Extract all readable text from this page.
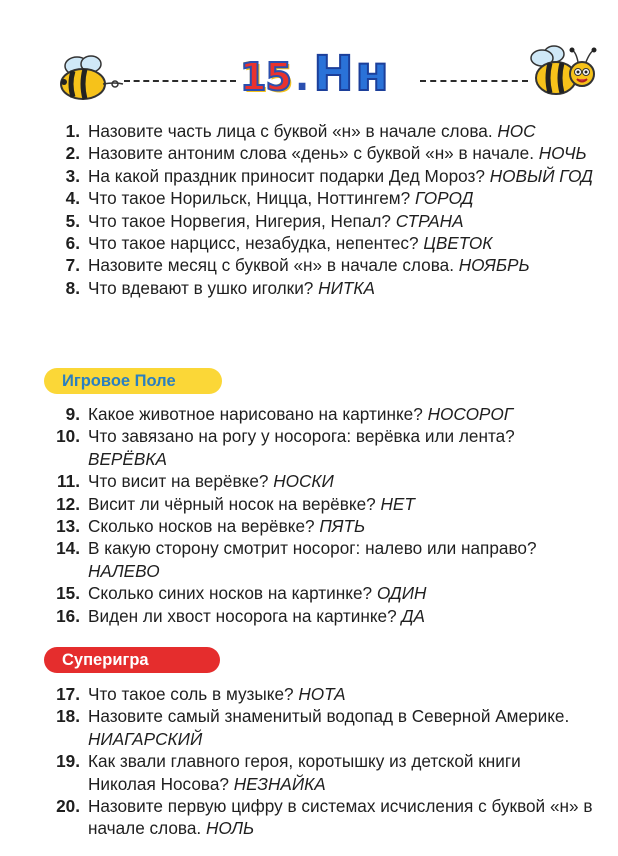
15 . Нн
1. Назовите часть лица с буквой «н» в начале слова. НОС
2. Назовите антоним слова «день» с буквой «н» в начале. НОЧЬ
3. На какой праздник приносит подарки Дед Мороз? НОВЫЙ ГОД
4. Что такое Норильск, Ницца, Ноттингем? ГОРОД
5. Что такое Норвегия, Нигерия, Непал? СТРАНА
6. Что такое нарцисс, незабудка, непентес? ЦВЕТОК
7. Назовите месяц с буквой «н» в начале слова. НОЯБРЬ
8. Что вдевают в ушко иголки? НИТКА
Игровое Поле
9. Какое животное нарисовано на картинке? НОСОРОГ
10. Что завязано на рогу у носорога: верёвка или лента? ВЕРЁВКА
11. Что висит на верёвке? НОСКИ
12. Висит ли чёрный носок на верёвке? НЕТ
13. Сколько носков на верёвке? ПЯТЬ
14. В какую сторону смотрит носорог: налево или направо? НАЛЕВО
15. Сколько синих носков на картинке? ОДИН
16. Виден ли хвост носорога на картинке? ДА
Суперигра
17. Что такое соль в музыке? НОТА
18. Назовите самый знаменитый водопад в Северной Америке. НИАГАРСКИЙ
19. Как звали главного героя, коротышку из детской книги Николая Носова? НЕЗНАЙКА
20. Назовите первую цифру в системах исчисления с буквой «н» в начале слова. НОЛЬ
